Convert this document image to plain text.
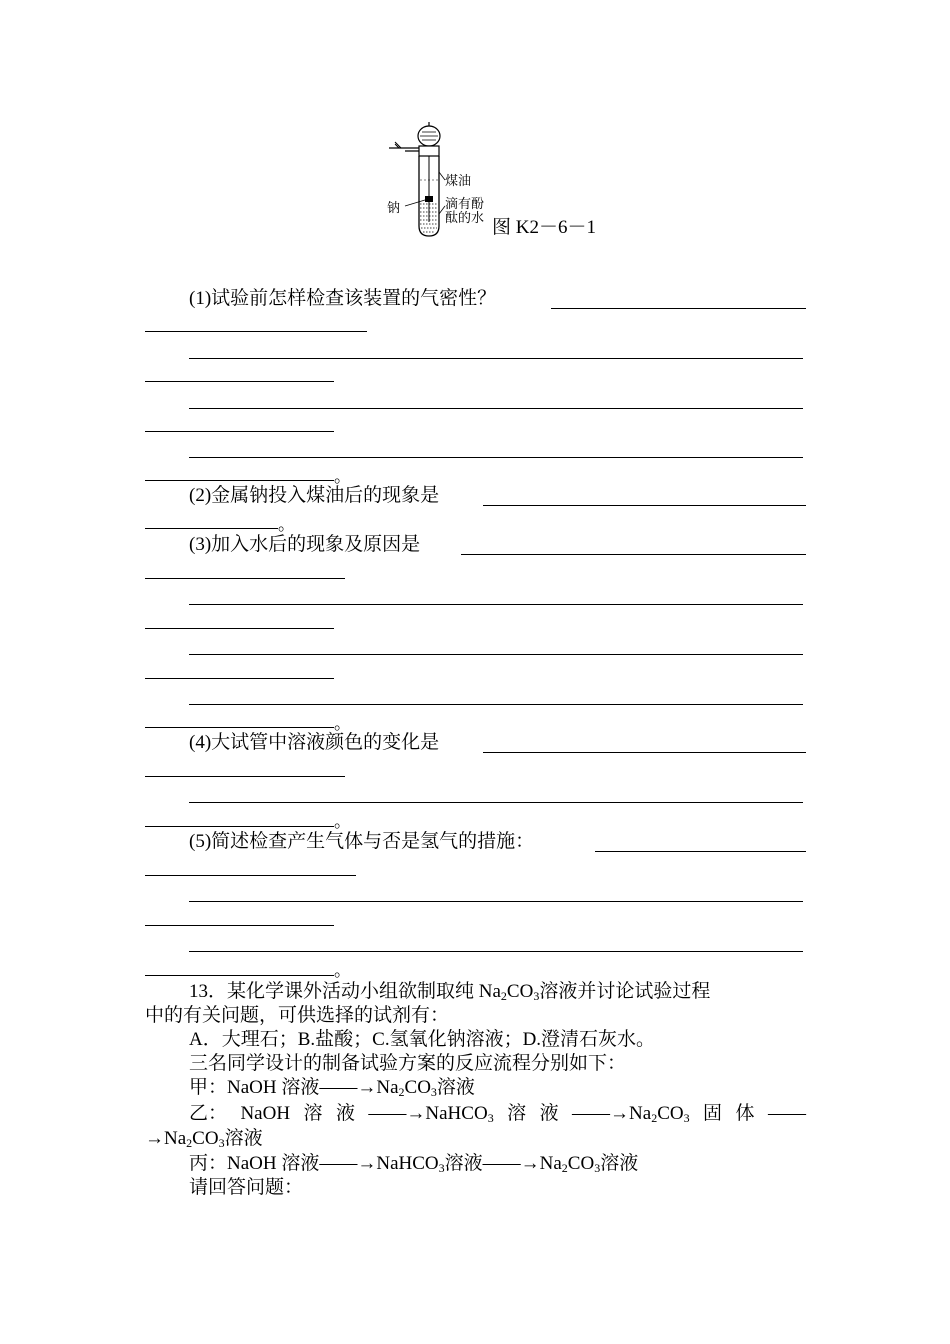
煤油
钠	滴有酚
酞的水 图 K2－6－1
(1)试验前怎样检查该装置的气密性？
。
(2)金属钠投入煤油后的现象是
。
(3)加入水后的现象及原因是
。
(4)大试管中溶液颜色的变化是
。
(5)简述检查产生气体与否是氢气的措施：
。
13．某化学课外活动小组欲制取纯 $Na_2CO_3$溶液并讨论试验过程
中的有关问题，可供选择的试剂有：
A．大理石；B.盐酸；C.氢氧化钠溶液；D.澄清石灰水。
三名同学设计的制备试验方案的反应流程分别如下：
甲：NaOH 溶液$——\to Na_2CO_3$溶液
乙： NaOH 溶 液 ——→NaHCO$_3$ 溶 液 $——\to Na_2CO_3$ 固 体 ——
$\to Na_2CO_3$溶液
丙：NaOH 溶液——→NaHCO$_3$溶液$——\to Na_2CO_3$溶液
请回答问题：
